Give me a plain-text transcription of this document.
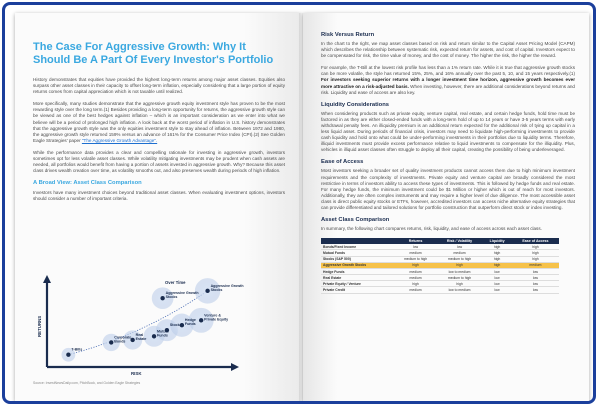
The Case For Aggressive Growth: Why It Should Be A Part Of Every Investor's Portfolio

History demonstrates that equities have provided the highest long-term returns among major asset classes. Equities also surpass other asset classes in their capacity to offset long-term inflation, especially considering that a large portion of equity returns comes from capital appreciation which is not taxable until realized.

More specifically, many studies demonstrate that the aggressive growth equity investment style has proven to be the most rewarding style over the long term.(1) Besides providing a long-term opportunity for returns, the aggressive growth style can be viewed as one of the best hedges against inflation – which is an important consideration as we enter into what we believe will be a period of prolonged high inflation. A look back at the worst period of inflation in U.S. history demonstrates that the aggressive growth style was the only equities investment style to stay ahead of inflation. Between 1972 and 1980, the aggressive growth style returned 159% versus an advance of 161% for the Consumer Price Index (CPI).(2) See Golden Eagle Strategies' paper "The Aggressive Growth Advantage".

While the performance data provides a clear and compelling rationale for investing in aggressive growth, investors sometimes opt for less volatile asset classes. While volatility mitigating investments may be prudent when cash assets are needed, all portfolios would benefit from having a portion of assets invested in aggressive growth. Why? Because this asset class drives wealth creation over time, as volatility smooths out, and also preserves wealth during periods of high inflation.

A Broad View: Asset Class Comparison

Investors have many investment choices beyond traditional asset classes. When evaluating investment options, investors should consider a number of important criteria.

RETURNS
RISK
Over Time
T-Bills
Corporate Bonds
Real Estate
Mutual Funds
Stocks
Hedge Funds
Venture & Private Equity
Aggressive Growth Stocks
Aggressive Growth Stocks
Source: InvestNewsDaily.com, PitchBook, and Golden Eagle Strategies
Risk Versus Return

In the chart to the right, we map asset classes based on risk and return similar to the Capital Asset Pricing Model (CAPM) which describes the relationship between systematic risk, expected return for assets, and cost of capital. Investors expect to be compensated for risk, the time value of money, and the cost of money. The higher the risk, the higher the reward.

For example, the T-Bill at the lowest risk profile has less than a 1% return rate. While it is true that aggressive growth stocks can be more volatile, the style has returned 15%, 25%, and 16% annually over the past 5, 10, and 15 years respectively.(1) For investors seeking superior returns with a longer investment time horizon, aggressive growth becomes ever more attractive on a risk-adjusted basis. When investing, however, there are additional considerations beyond returns and risk. Liquidity and ease of access are also key.

Liquidity Considerations

When considering products such as private equity, venture capital, real estate, and certain hedge funds, hold time must be factored in as they are either closed-ended funds with a long-term hold of up to 14 years or have 3-5 years terms with early withdrawal penalty fees. An illiquidity premium is an additional return expected for the additional risk of tying up capital in a less liquid asset. During periods of financial crisis, investors may need to liquidate high-performing investments to provide cash liquidity and hold onto what could be under-performing investments in their portfolios due to liquidity terms. Therefore, illiquid investments must provide excess performance relative to liquid investments to compensate for the illiquidity. Plus, vehicles in illiquid asset classes often struggle to deploy all their capital, creating the possibility of being underleveraged.

Ease of Access

Most investors seeking a broader set of quality investment products cannot access them due to high minimum investment requirements and the complexity of investments. Private equity and venture capital are broadly considered the most restrictive in terms of investors ability to access these types of investments. This is followed by hedge funds and real estate. For many hedge funds, the minimum investment could be $1 Million or higher which is out of reach for most investors. Additionally, they are often complex instruments and may require a higher level of due diligence. The most accessible asset class is direct public equity stocks or ETFs, however, accredited investors can access niche alternative equity strategies that can provide differentiated and tailored solutions for portfolio construction that outperform direct stock or index investing.

Asset Class Comparison

In summary, the following chart compares returns, risk, liquidity, and ease of access across each asset class.

	Returns	Risk / Volatility	Liquidity	Ease of Access
Bonds/Fixed Income	low	low	high	high
Mutual Funds	medium	medium	high	high
Stocks (S&P 500)	medium to high	medium to high	high	high
Aggressive Growth Stocks	high	high	high	medium
Hedge Funds	medium	low to medium	low	low
Real Estate	medium	medium to high	low	low
Private Equity / Venture	high	high	low	low
Private Credit	medium	low to medium	low	low
